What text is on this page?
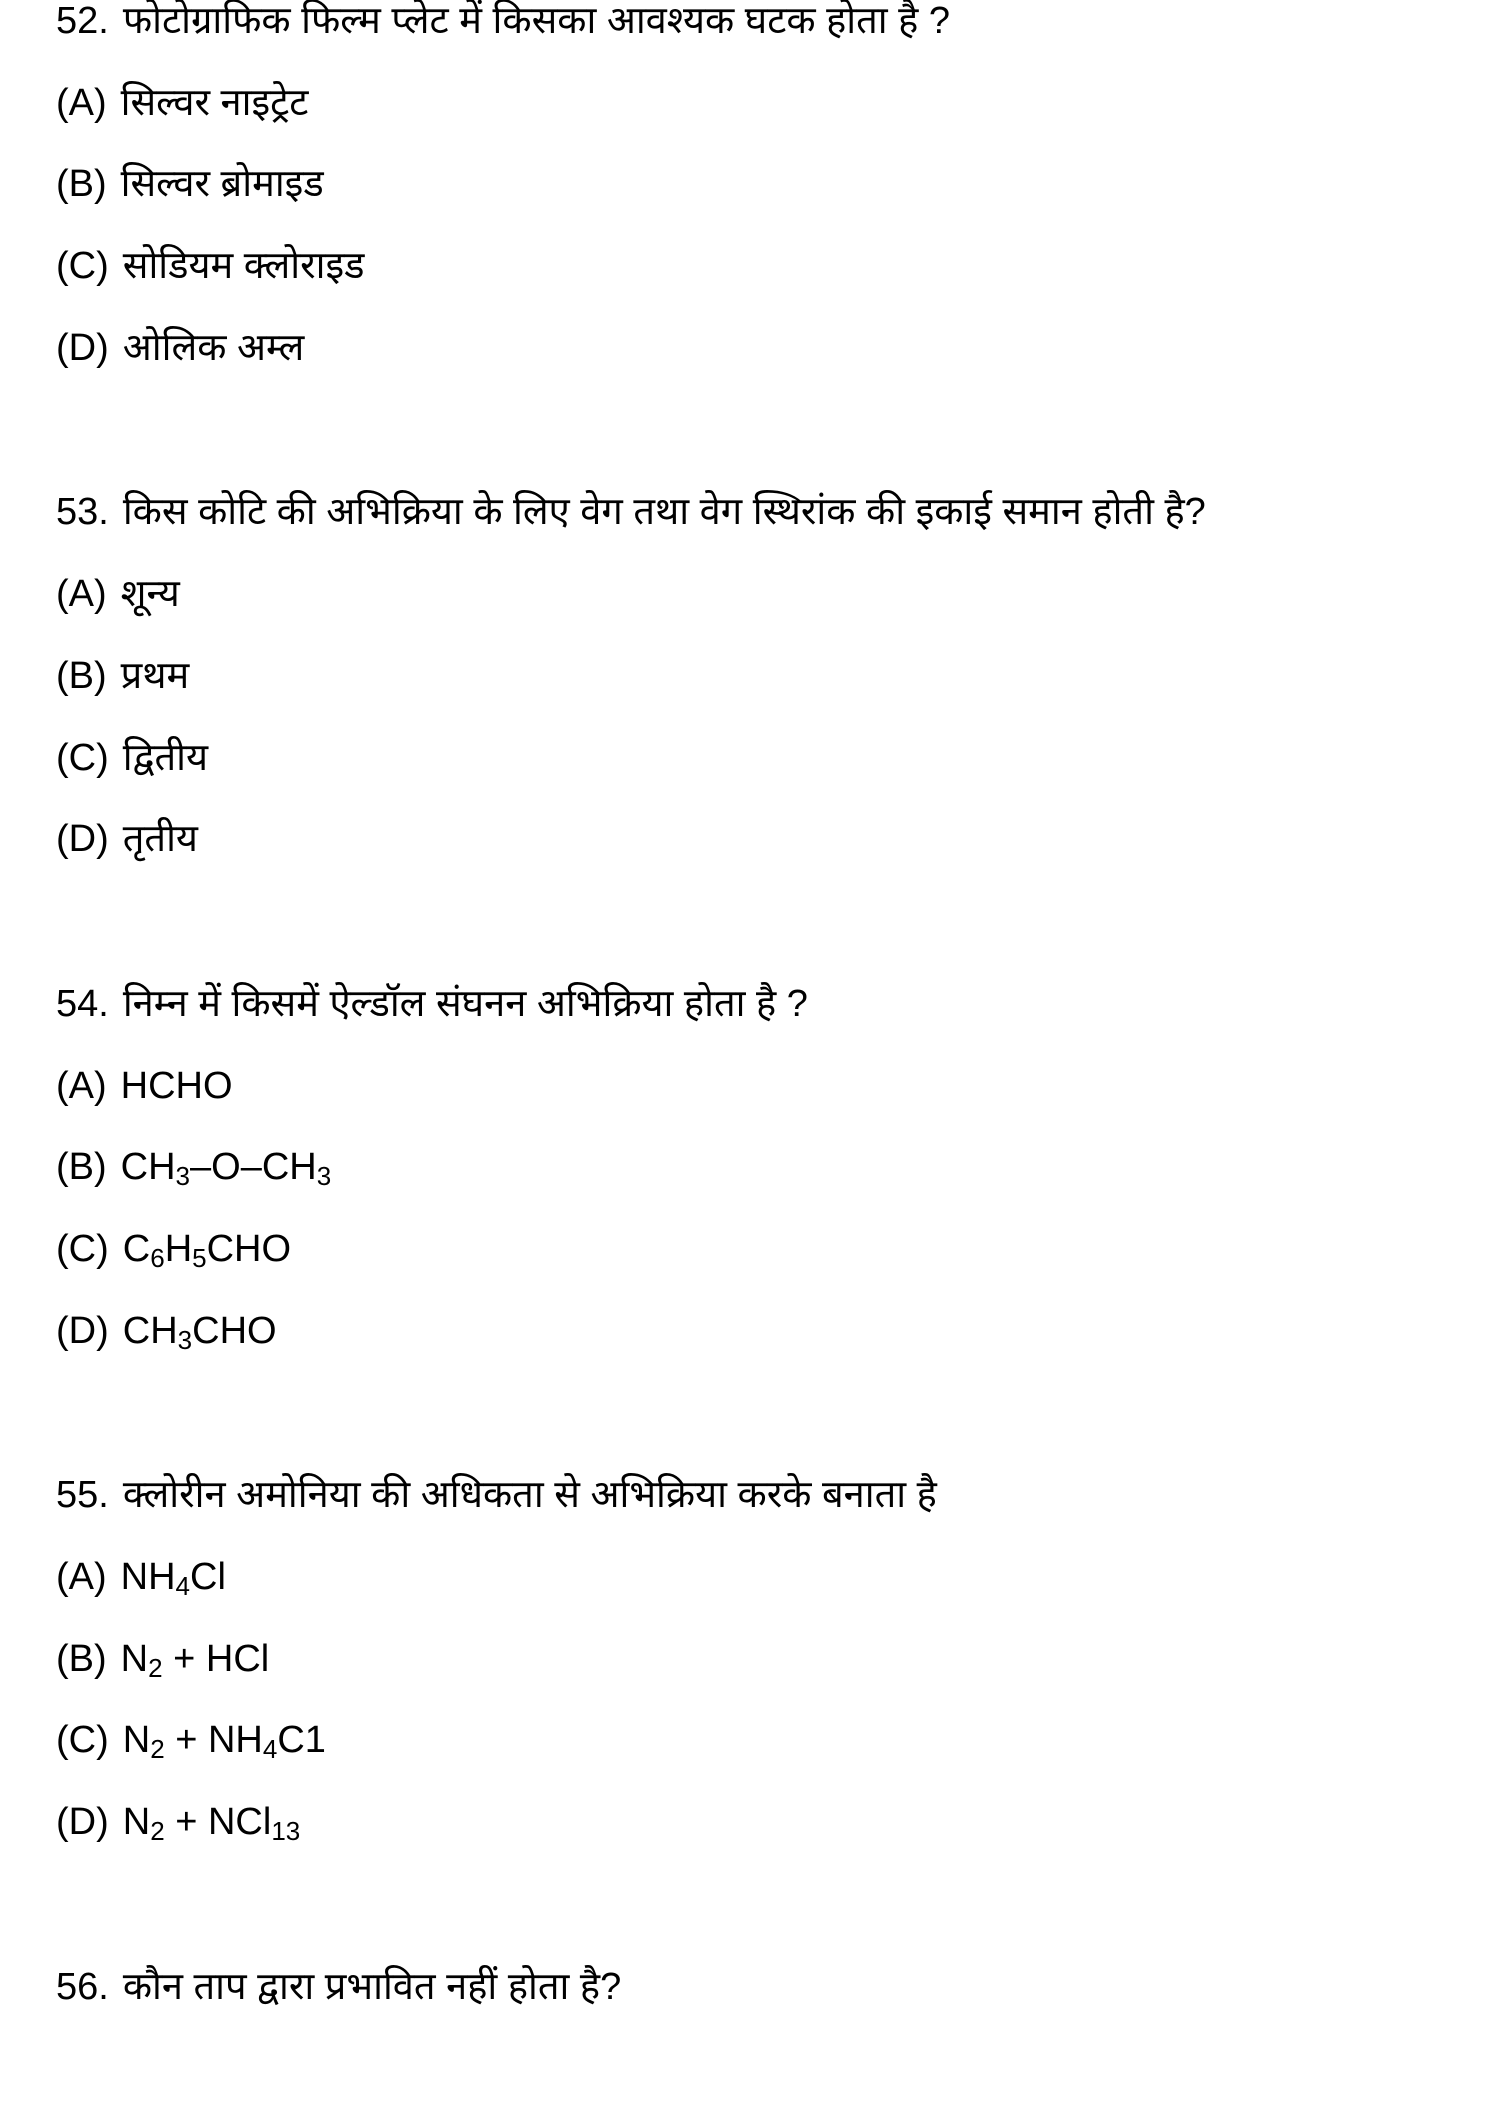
52. फोटोग्राफिक फिल्म प्लेट में किसका आवश्यक घटक होता है ?
(A) सिल्वर नाइट्रेट
(B) सिल्वर ब्रोमाइड
(C) सोडियम क्लोराइड
(D) ओलिक अम्ल
53. किस कोटि की अभिक्रिया के लिए वेग तथा वेग स्थिरांक की इकाई समान होती है?
(A) शून्य
(B) प्रथम
(C) द्वितीय
(D) तृतीय
54. निम्न में किसमें ऐल्डॉल संघनन अभिक्रिया होता है ?
(A) HCHO
(B) $CH_3-O-CH_3$
(C) $C_6H_5CHO$
(D) $CH_3CHO$
55. क्लोरीन अमोनिया की अधिकता से अभिक्रिया करके बनाता है
(A) $NH_4Cl$
(B) $N_2$ + HCl
(C) $N_2 + NH_4C1$
(D) $N_2 + NCl_{13}$
56. कौन ताप द्वारा प्रभावित नहीं होता है?
